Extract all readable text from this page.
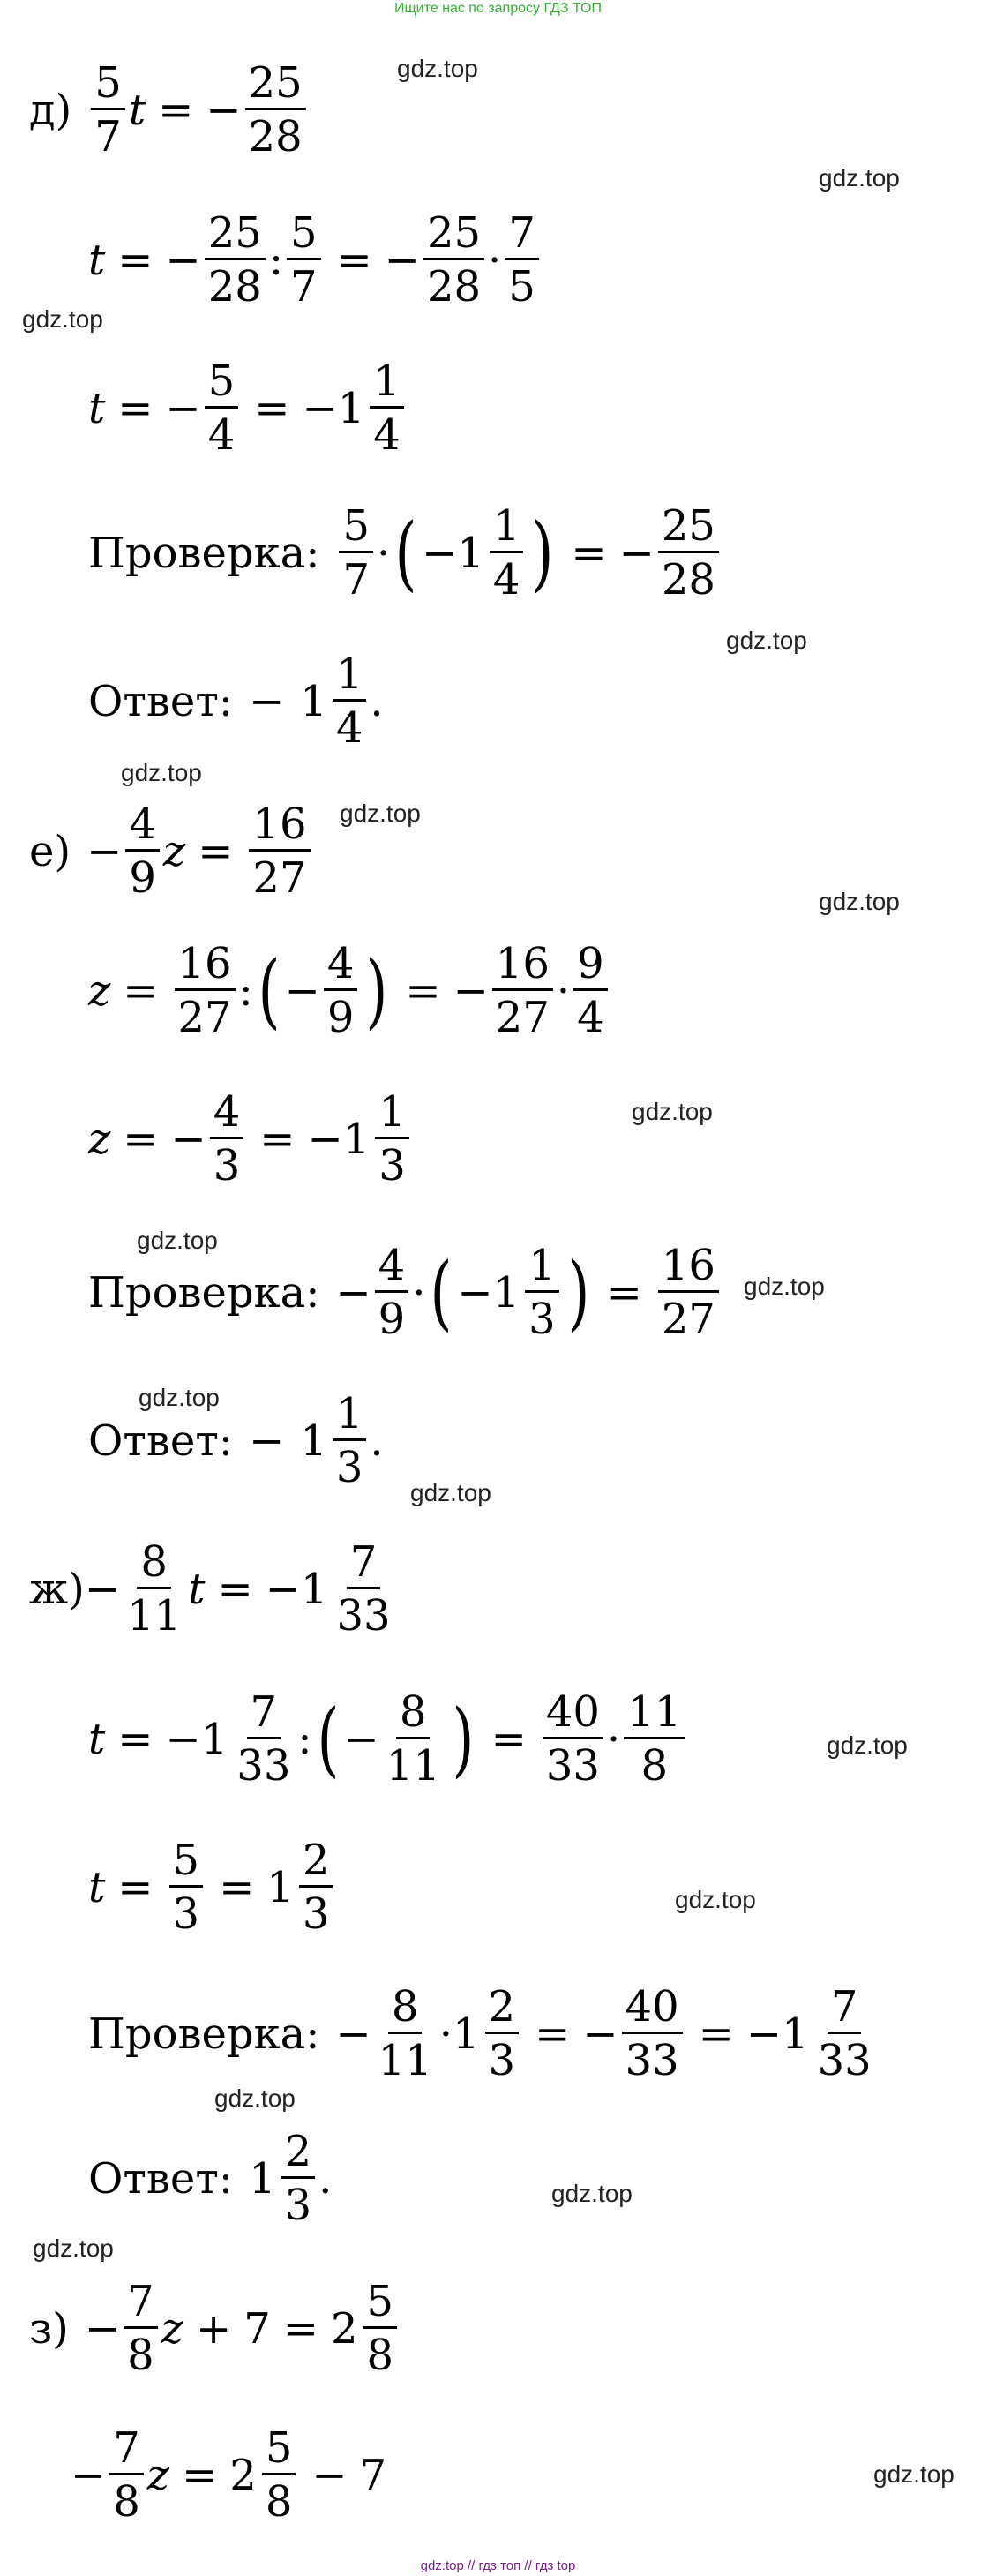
Ищите нас по запросу ГДЗ ТОП
gdz.top
gdz.top
gdz.top
gdz.top
gdz.top
gdz.top
gdz.top
gdz.top
gdz.top
gdz.top
gdz.top
gdz.top
gdz.top
gdz.top
gdz.top
gdz.top
gdz.top
gdz.top
$д) \frac{5}{7}$ t = − $\frac{25}{28}$
t = − $\frac{25}{28}$ : $\frac{5}{7}$ = − $\frac{25}{28} \cdot \frac{7}{5}$
t = − $\frac{5}{4}$ = − $1 \frac{1}{4}$
Проверка: $\frac{5}{7}$ · ( − $1 \frac{1}{4}$ ) = − $\frac{25}{28}$
Ответ: − $1 \frac{1}{4}$ .
$е) - \frac{4}{9}$ $z = \frac{16}{27}$
$z = \frac{16}{27}$ : ( − $\frac{4}{9}$ ) = − $\frac{16}{27} \cdot \frac{9}{4}$
z = − $\frac{4}{3}$ = − $1 \frac{1}{3}$
Проверка: − $\frac{4}{9}$ · ( − $1 \frac{1}{3}$ ) = $\frac{16}{27}$
Ответ: − $1 \frac{1}{3}$ .
$ж) - \frac{8}{11}$ t = − $1 \frac{7}{33}$
t = − $1 \frac{7}{33}$ : ( − $\frac{8}{11}$ ) = $\frac{40}{33} \cdot \frac{11}{8}$
$t = \frac{5}{3} = 1 \frac{2}{3}$
Проверка: − $\frac{8}{11} \cdot 1 \frac{2}{3}$ = − $\frac{40}{33}$ = − $1 \frac{7}{33}$
Ответ: $1 \frac{2}{3}$ .
$з) - \frac{7}{8}$ $z + 7 = 2 \frac{5}{8}$
− $\frac{7}{8}$ $z = 2 \frac{5}{8} - 7$
gdz.top // гдз топ // гдз top
